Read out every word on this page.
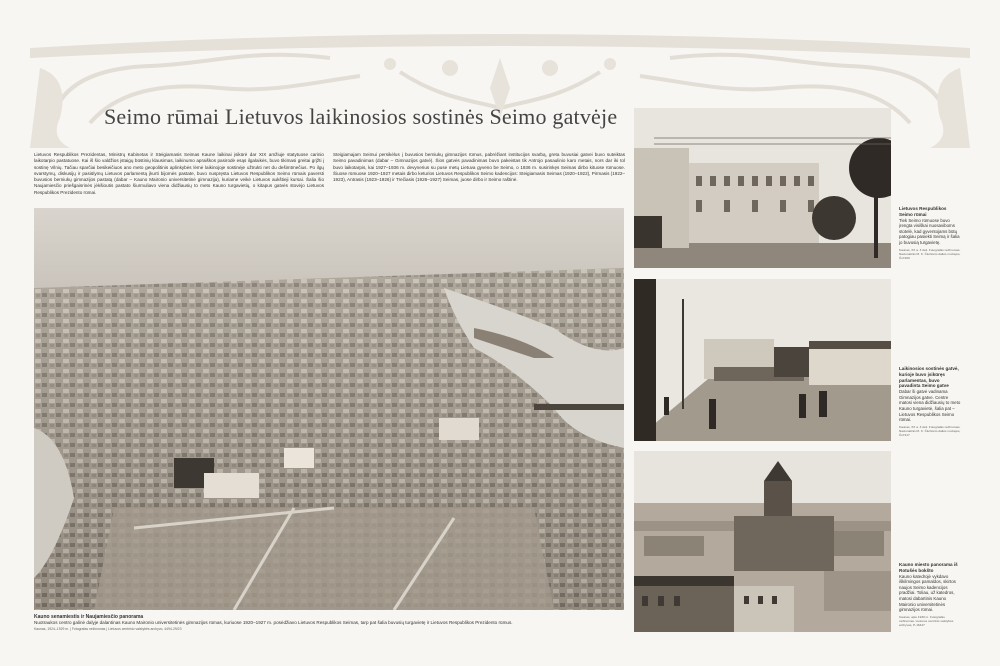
Seimo rūmai Lietuvos laikinosios sostinės Seimo gatvėje
Lietuvos Respublikos Prezidentas, Ministrų Kabinetas ir Steigiamasis Seimas Kaune laikinai įsikūrė dar XIX amžiuje statytuose carinio laikotarpio pastatuose. Kai iš šio valdžios įstaigų būstinių klausimas, laikinumo apraiškos pasirodė esąs ilgalaikės, buvo tikimasi greitai grįžti į sostinę Vilnių. Tačiau sparčiai besikeičiuos ano meto geopolitinis aplinkybės lėmė laikinojoje sostinėje užtrukti net du dešimtmečius. Po ilgų svarstymų, diskusijų ir pasiūlymų Lietuvos parlamentą įkurti bijomės pastate, buvo nuspręsta Lietuvos Respublikos Seimo rūmais paversti buvusios berniukų gimnazijos pastatą (dabar – Kauno Maironio universitetinė gimnazija), kuriame veikė Lietuvos aukštieji kursai. Šalia šio Naujamiesčio priešgaisrinės jėkšioutis pastato šiurmuliavo viena didžiausių to meto Kauno turgavietių, o kitapus gatvės stovėjo Lietuvos Respublikos Prezidento rūmai.
Steigiamajam Seimui persikėlus į buvusios berniukų gimnazijos rūmus, pabrėžiant institucijos svarbą, greta buvusiai gatvei buvo suteiktas Seimo pavadinimas (dabar – Gimnazijos gatvė). Šios gatvės pavadinimas buvo pakeistas tik Antrojo pasaulinio karo metais, nors dar iki tol buvo laikotarpis, kai 1927–1936 m. devynerius su puse metų Lietuva gyveno be Seimo, o 1936 m. susirinkęs Seimas dirbo kituose rūmuose. Šiuose rūmuose 1920–1927 metais dirbo keturios Lietuvos Respublikos Seimo kadencijos: Steigiamasis Seimas (1920–1922), Pirmasis (1922–1923), Antrasis (1923–1926) ir Trečiasis (1926–1927) Seimas, juose dirbo ir Seimo raštinė.
Kauno senamiestis ir Naujamiesčio panorama
Nuotraukos centro galinė dalyje dalantinas Kauno Maironio universitetinės gimnazijos rūmas, kuriuose 1920–1927 m. posėdžiavo Lietuvos Respublikos Seimas, tarp pat šalia buvusių turgavietę ir Lietuvos Respublikos Prezidento rūmus.
Kaunas, 1924–1929 m. | Fotografas nežinomas | Lietuvos centrinio valstybės archyvo, 4494-29/23
Lietuvos Respublikos Seimo rūmai
Tiek Seimo rūmuose buvo įrengta visiškai nuosaviboms stotelė, kad gyventojams būtų patogiau pasiekti Seimą ir šalia jo buvusią turgavietę.
Kaunas, XX a. 3 deš. Fotografas nežinomas. Nacionalinis M. K. Čiurlionio dailės muziejus, Čs7409
Laikinosios sostinės gatvė, kurioje buvo įsikūręs parlamentas, buvo pavadinta Seimo gatve
Dabar ši gatvė vadinama Gimnazijos gatve. Centre matosi viena didžiausių to meto Kauno turgavietė, šalia pat – Lietuvos Respublikos Seimo rūmai.
Kaunas, XX a. 3 deš. Fotografas nežinomas. Nacionalinis M. K. Čiurlionio dailės muziejus, Čs7417
Kauno miesto panorama iš Rotušės bokšto
Kauno katedrojė vykdavo iškilmingos pamaldos, skirtos naujos Seimo kadencijos pradžiai. Toliau, už katedros, matosi dabartinis Kauno Maironio universitetinės gimnazijos rūmai.
Kaunas, apie 1930 m. Fotografas nežinomas. Lietuvos centrinis valstybės archyvas, P-16447
